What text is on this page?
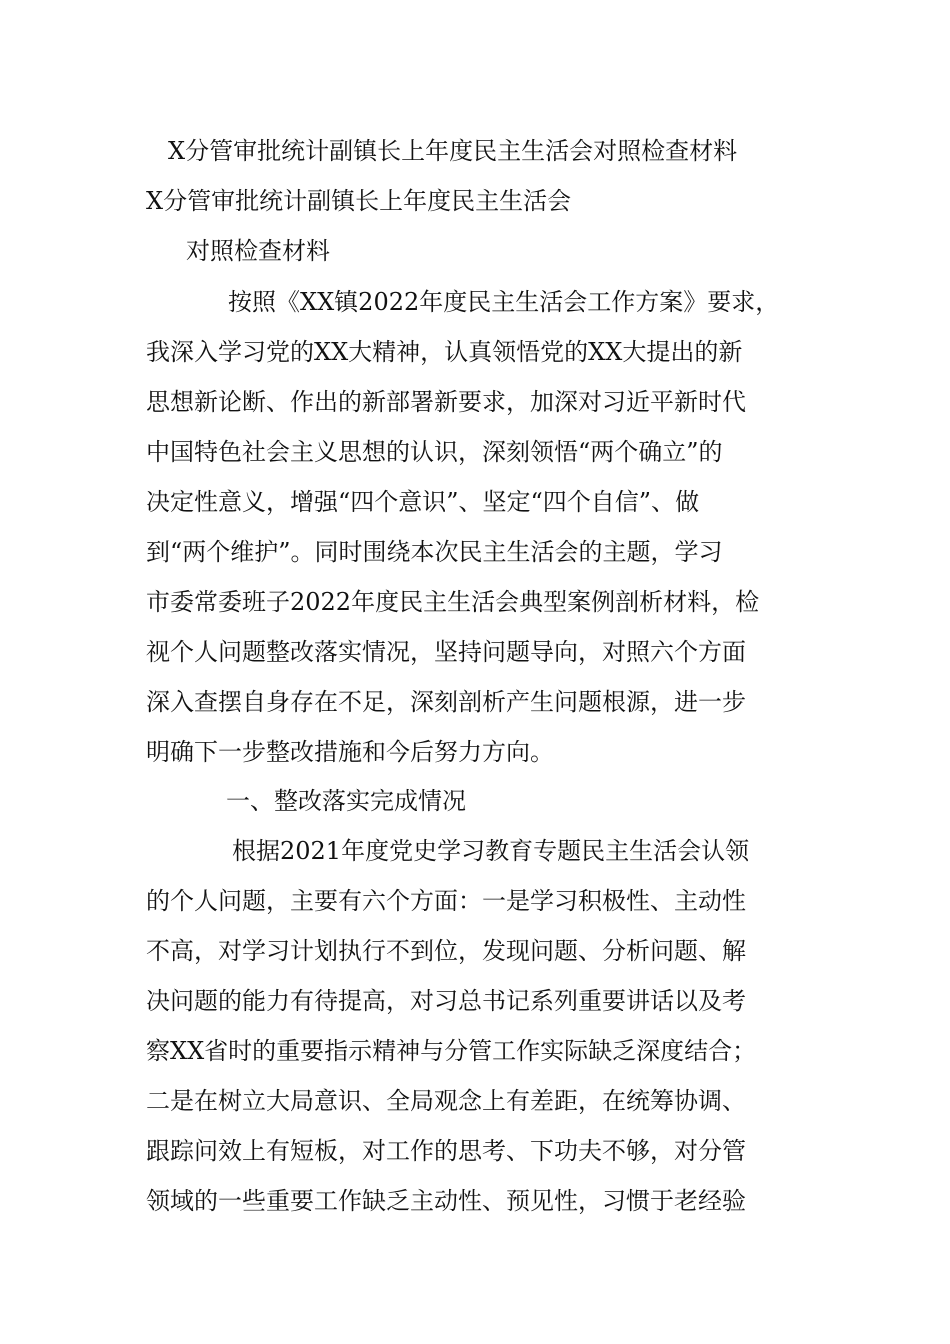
X分管审批统计副镇长上年度民主生活会对照检查材料
X分管审批统计副镇长上年度民主生活会
对照检查材料
按照《XX镇2022年度民主生活会工作方案》要求，
我深入学习党的XX大精神，认真领悟党的XX大提出的新
思想新论断、作出的新部署新要求，加深对习近平新时代
中国特色社会主义思想的认识，深刻领悟“两个确立”的
决定性意义，增强“四个意识”、坚定“四个自信”、做
到“两个维护”。同时围绕本次民主生活会的主题，学习
市委常委班子2022年度民主生活会典型案例剖析材料，检
视个人问题整改落实情况，坚持问题导向，对照六个方面
深入查摆自身存在不足，深刻剖析产生问题根源，进一步
明确下一步整改措施和今后努力方向。
一、整改落实完成情况
根据2021年度党史学习教育专题民主生活会认领
的个人问题，主要有六个方面：一是学习积极性、主动性
不高，对学习计划执行不到位，发现问题、分析问题、解
决问题的能力有待提高，对习总书记系列重要讲话以及考
察XX省时的重要指示精神与分管工作实际缺乏深度结合；
二是在树立大局意识、全局观念上有差距，在统筹协调、
跟踪问效上有短板，对工作的思考、下功夫不够，对分管
领域的一些重要工作缺乏主动性、预见性，习惯于老经验
